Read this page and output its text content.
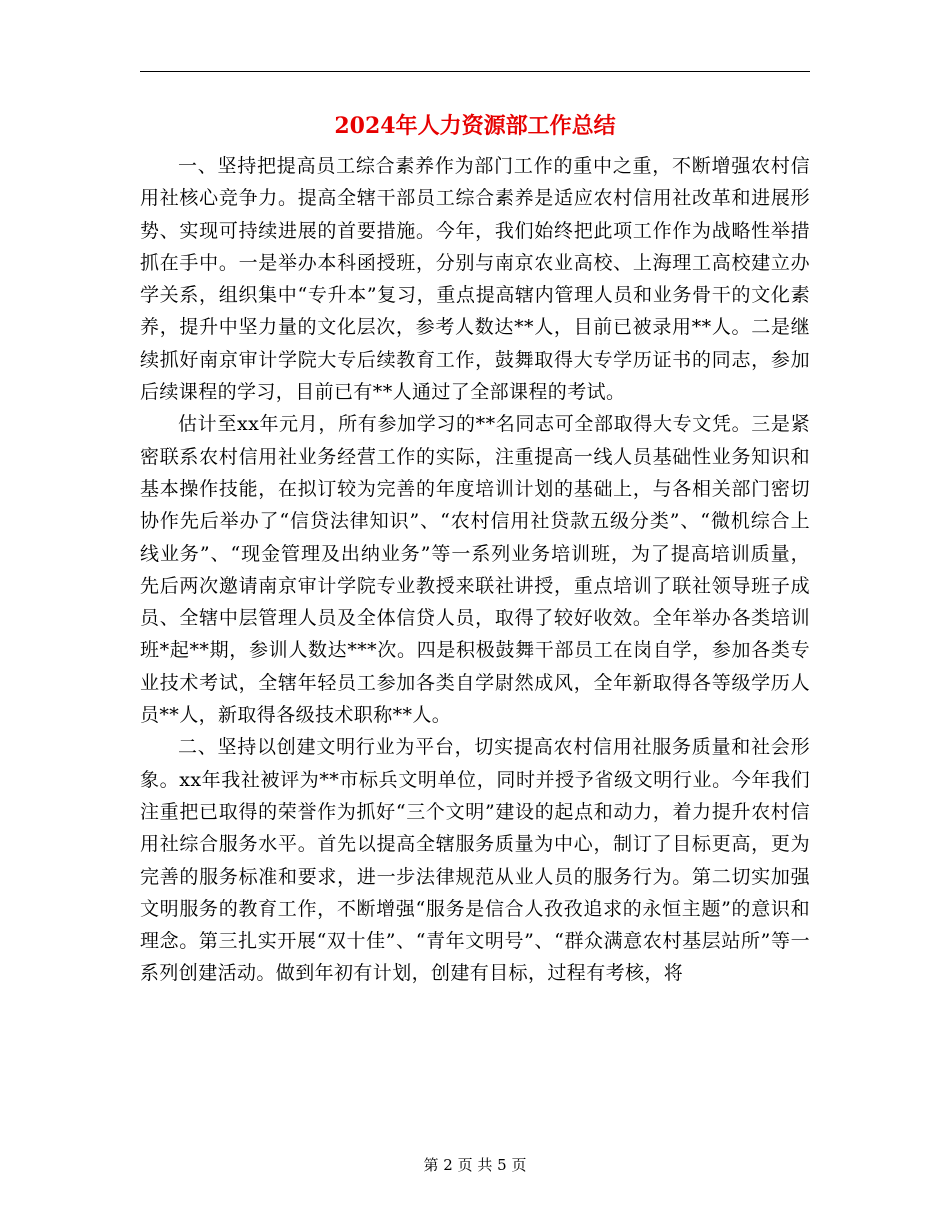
2024年人力资源部工作总结

一、坚持把提高员工综合素养作为部门工作的重中之重，不断增强农村信用社核心竞争力。提高全辖干部员工综合素养是适应农村信用社改革和进展形势、实现可持续进展的首要措施。今年，我们始终把此项工作作为战略性举措抓在手中。一是举办本科函授班，分别与南京农业高校、上海理工高校建立办学关系，组织集中“专升本”复习，重点提高辖内管理人员和业务骨干的文化素养，提升中坚力量的文化层次，参考人数达**人，目前已被录用**人。二是继续抓好南京审计学院大专后续教育工作，鼓舞取得大专学历证书的同志，参加后续课程的学习，目前已有**人通过了全部课程的考试。

估计至xx年元月，所有参加学习的**名同志可全部取得大专文凭。三是紧密联系农村信用社业务经营工作的实际，注重提高一线人员基础性业务知识和基本操作技能，在拟订较为完善的年度培训计划的基础上，与各相关部门密切协作先后举办了“信贷法律知识”、“农村信用社贷款五级分类”、“微机综合上线业务”、“现金管理及出纳业务”等一系列业务培训班，为了提高培训质量，先后两次邀请南京审计学院专业教授来联社讲授，重点培训了联社领导班子成员、全辖中层管理人员及全体信贷人员，取得了较好收效。全年举办各类培训班*起**期，参训人数达***次。四是积极鼓舞干部员工在岗自学，参加各类专业技术考试，全辖年轻员工参加各类自学尉然成风，全年新取得各等级学历人员**人，新取得各级技术职称**人。

二、坚持以创建文明行业为平台，切实提高农村信用社服务质量和社会形象。xx年我社被评为**市标兵文明单位，同时并授予省级文明行业。今年我们注重把已取得的荣誉作为抓好“三个文明”建设的起点和动力，着力提升农村信用社综合服务水平。首先以提高全辖服务质量为中心，制订了目标更高，更为完善的服务标准和要求，进一步法律规范从业人员的服务行为。第二切实加强文明服务的教育工作，不断增强“服务是信合人孜孜追求的永恒主题”的意识和理念。第三扎实开展“双十佳”、“青年文明号”、“群众满意农村基层站所”等一系列创建活动。做到年初有计划，创建有目标，过程有考核，将

第 2 页 共 5 页
